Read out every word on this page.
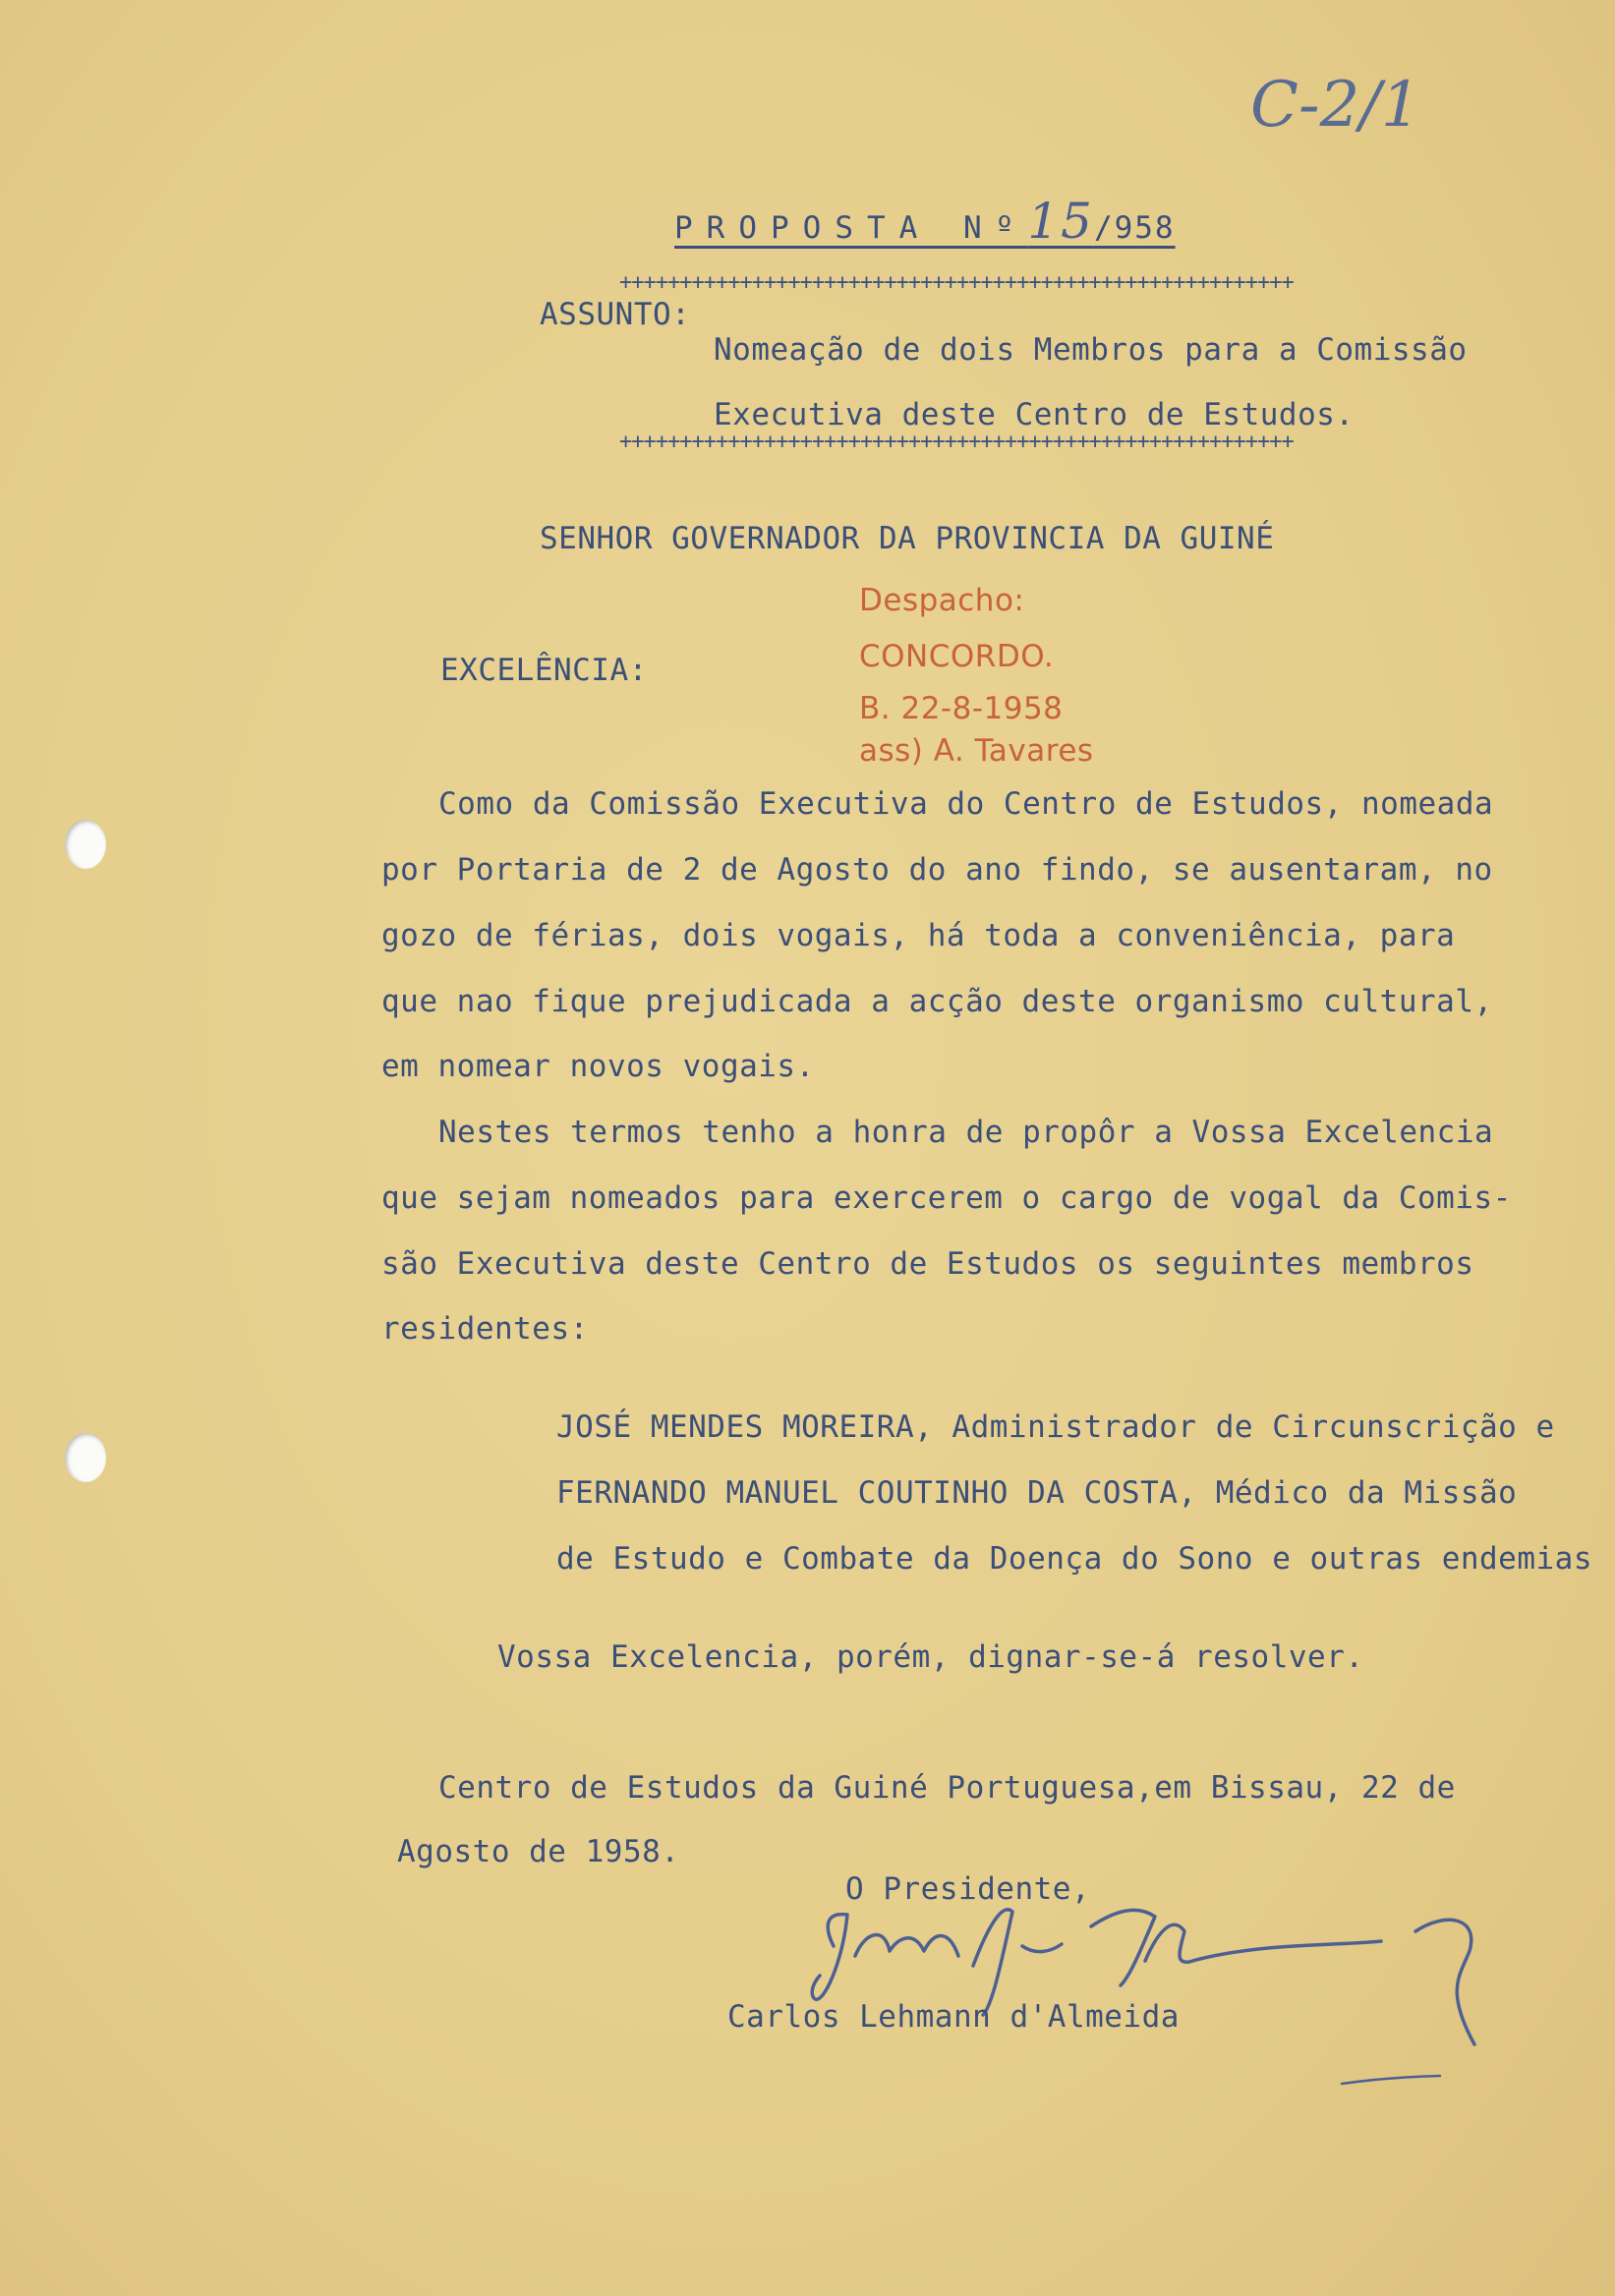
C-2/1
PROPOSTA Nº15/958
++++++++++++++++++++++++++++++++++++++++++++++++++++++++
ASSUNTO:
Nomeação de dois Membros para a Comissão
Executiva deste Centro de Estudos.
++++++++++++++++++++++++++++++++++++++++++++++++++++++++
SENHOR GOVERNADOR DA PROVINCIA DA GUINÉ
Despacho:
CONCORDO.
B. 22-8-1958
ass) A. Tavares
EXCELÊNCIA:
Como da Comissão Executiva do Centro de Estudos, nomeada
por Portaria de 2 de Agosto do ano findo, se ausentaram, no
gozo de férias, dois vogais, há toda a conveniência, para
que nao fique prejudicada a acção deste organismo cultural,
em nomear novos vogais.
Nestes termos tenho a honra de propôr a Vossa Excelencia
que sejam nomeados para exercerem o cargo de vogal da Comis-
são Executiva deste Centro de Estudos os seguintes membros
residentes:
JOSÉ MENDES MOREIRA, Administrador de Circunscrição e
FERNANDO MANUEL COUTINHO DA COSTA, Médico da Missão
de Estudo e Combate da Doença do Sono e outras endemias
Vossa Excelencia, porém, dignar-se-á resolver.
Centro de Estudos da Guiné Portuguesa,em Bissau, 22 de
Agosto de 1958.
O Presidente,
Carlos Lehmann d'Almeida
